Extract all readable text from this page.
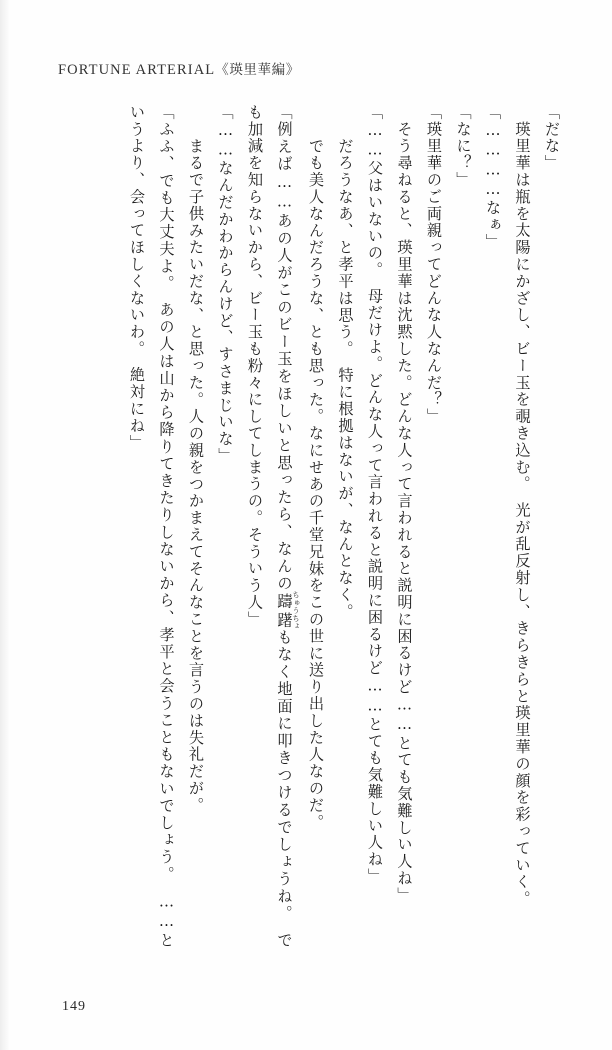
FORTUNE ARTERIAL《瑛里華編》

「だな」

　瑛里華は瓶を太陽にかざし、ビー玉を覗き込む。　光が乱反射し、きらきらと瑛里華の顔を彩っていく。

「…………なぁ」

「なに？」

「瑛里華のご両親ってどんな人なんだ？」

　そう尋ねると、瑛里華は沈黙した。どんな人って言われると説明に困るけど……とても気難しい人ね」

「……父はいないの。　母だけよ。どんな人って言われると説明に困るけど……とても気難しい人ね」

　だろうなあ、と孝平は思う。　特に根拠はないが、なんとなく。

　でも美人なんだろうな、とも思った。なにせあの千堂兄妹をこの世に送り出した人なのだ。

「例えば……あの人がこのビー玉をほしいと思ったら、なんの躊躇ちゅうちょもなく地面に叩きつけるでしょうね。　でも加減を知らないから、ビー玉も粉々にしてしまうの。そういう人」

「……なんだかわからんけど、すさまじいな」

　まるで子供みたいだな、と思った。人の親をつかまえてそんなことを言うのは失礼だが。

「ふふ、でも大丈夫よ。　あの人は山から降りてきたりしないから、孝平と会うこともないでしょう。　……というより、会ってほしくないわ。　絶対にね」

149
